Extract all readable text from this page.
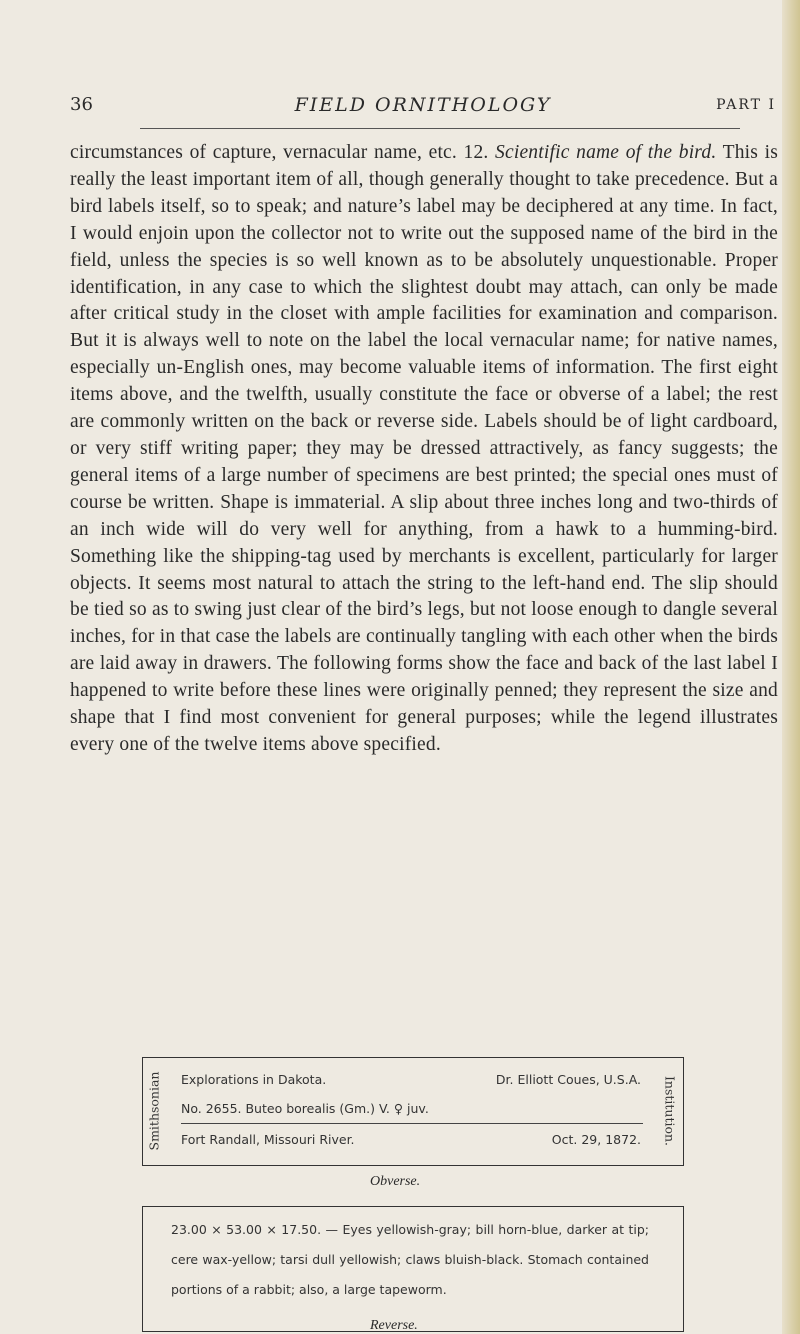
36	FIELD ORNITHOLOGY	PART I
circumstances of capture, vernacular name, etc. 12. Scientific name of the bird. This is really the least important item of all, though generally thought to take precedence. But a bird labels itself, so to speak; and nature’s label may be deciphered at any time. In fact, I would enjoin upon the collector not to write out the supposed name of the bird in the field, unless the species is so well known as to be absolutely unquestionable. Proper identification, in any case to which the slightest doubt may attach, can only be made after critical study in the closet with ample facilities for examination and comparison. But it is always well to note on the label the local vernacular name; for native names, especially un-English ones, may become valuable items of information. The first eight items above, and the twelfth, usually constitute the face or obverse of a label; the rest are commonly written on the back or reverse side. Labels should be of light cardboard, or very stiff writing paper; they may be dressed attractively, as fancy suggests; the general items of a large number of specimens are best printed; the special ones must of course be written. Shape is immaterial. A slip about three inches long and two-thirds of an inch wide will do very well for anything, from a hawk to a humming-bird. Something like the shipping-tag used by merchants is excellent, particularly for larger objects. It seems most natural to attach the string to the left-hand end. The slip should be tied so as to swing just clear of the bird’s legs, but not loose enough to dangle several inches, for in that case the labels are continually tangling with each other when the birds are laid away in drawers. The following forms show the face and back of the last label I happened to write before these lines were originally penned; they represent the size and shape that I find most convenient for general purposes; while the legend illustrates every one of the twelve items above specified.
Smithsonian	Institution.
Explorations in Dakota.	Dr. Elliott Coues, U.S.A.
No. 2655. Buteo borealis (Gm.) V. ♀ juv.
Fort Randall, Missouri River.	Oct. 29, 1872.
Obverse.
23.00 × 53.00 × 17.50. — Eyes yellowish-gray; bill horn-blue, darker at tip; cere wax-yellow; tarsi dull yellowish; claws bluish-black. Stomach contained portions of a rabbit; also, a large tapeworm.
Reverse.
